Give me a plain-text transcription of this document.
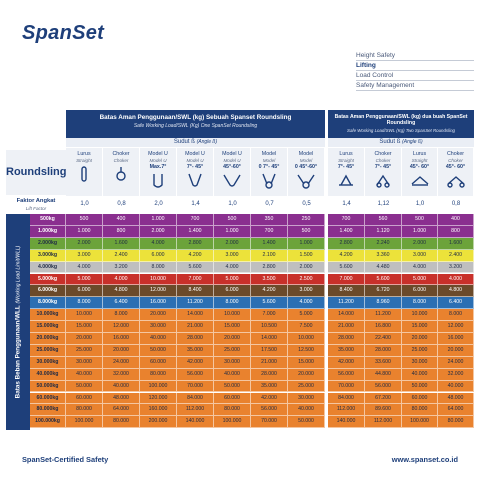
SpanSet
Height Safety
Lifting
Load Control
Safety Management
Batas Aman Penggunaan/SWL (kg) Sebuah Spanset Roundsling
Safe Working Load/SWL (Kg) One SpanSet Roundsling
Batas Aman Penggunaan/SWL (kg) dua buah SpanSet Roundsling
Safe Working Load/SWL (Kg) Two SpanSet Roundsling
Sudut ß (Angle ß)	Sudut ß (Angle ß)
Roundsling
Lurus
Straight
Choker
Choker
Model U
Model U
Max.7°
Model U
Model U
7°- 45°
Model U
Model U
45°-60°
Model
Model
0 7°- 45°
Model
Model
0 45°-60°
Lurus
Straight
7°- 45°
Choker
Choker
7°- 45°
Lurus
Straight
45°- 60°
Choker
Choker
45°- 60°
Faktor Angkat
Lift Factor
1,0	0,8	2,0	1,4	1,0	0,7	0,5	1,4	1,12	1,0	0,8
Batas Beban Penggunaan/WLL (Working Load Limit/WLL)
500kg	500	400	1.000	700	500	350	250	700	560	500	400
1.000kg	1.000	800	2.000	1.400	1.000	700	500	1.400	1.120	1.000	800
2.000kg	2.000	1.600	4.000	2.800	2.000	1.400	1.000	2.800	2.240	2.000	1.600
3.000kg	3.000	2.400	6.000	4.200	3.000	2.100	1.500	4.200	3.360	3.000	2.400
4.000kg	4.000	3.200	8.000	5.600	4.000	2.800	2.000	5.600	4.480	4.000	3.200
5.000kg	5.000	4.000	10.000	7.000	5.000	3.500	2.500	7.000	5.600	5.000	4.000
6.000kg	6.000	4.800	12.000	8.400	6.000	4.200	3.000	8.400	6.720	6.000	4.800
8.000kg	8.000	6.400	16.000	11.200	8.000	5.600	4.000	11.200	8.960	8.000	6.400
10.000kg	10.000	8.000	20.000	14.000	10.000	7.000	5.000	14.000	11.200	10.000	8.000
15.000kg	15.000	12.000	30.000	21.000	15.000	10.500	7.500	21.000	16.800	15.000	12.000
20.000kg	20.000	16.000	40.000	28.000	20.000	14.000	10.000	28.000	22.400	20.000	16.000
25.000kg	25.000	20.000	50.000	35.000	25.000	17.500	12.500	35.000	28.000	25.000	20.000
30.000kg	30.000	24.000	60.000	42.000	30.000	21.000	15.000	42.000	33.600	30.000	24.000
40.000kg	40.000	32.000	80.000	56.000	40.000	28.000	20.000	56.000	44.800	40.000	32.000
50.000kg	50.000	40.000	100.000	70.000	50.000	35.000	25.000	70.000	56.000	50.000	40.000
60.000kg	60.000	48.000	120.000	84.000	60.000	42.000	30.000	84.000	67.200	60.000	48.000
80.000kg	80.000	64.000	160.000	112.000	80.000	56.000	40.000	112.000	89.600	80.000	64.000
100.000kg	100.000	80.000	200.000	140.000	100.000	70.000	50.000	140.000	112.000	100.000	80.000
SpanSet-Certified Safety	www.spanset.co.id
